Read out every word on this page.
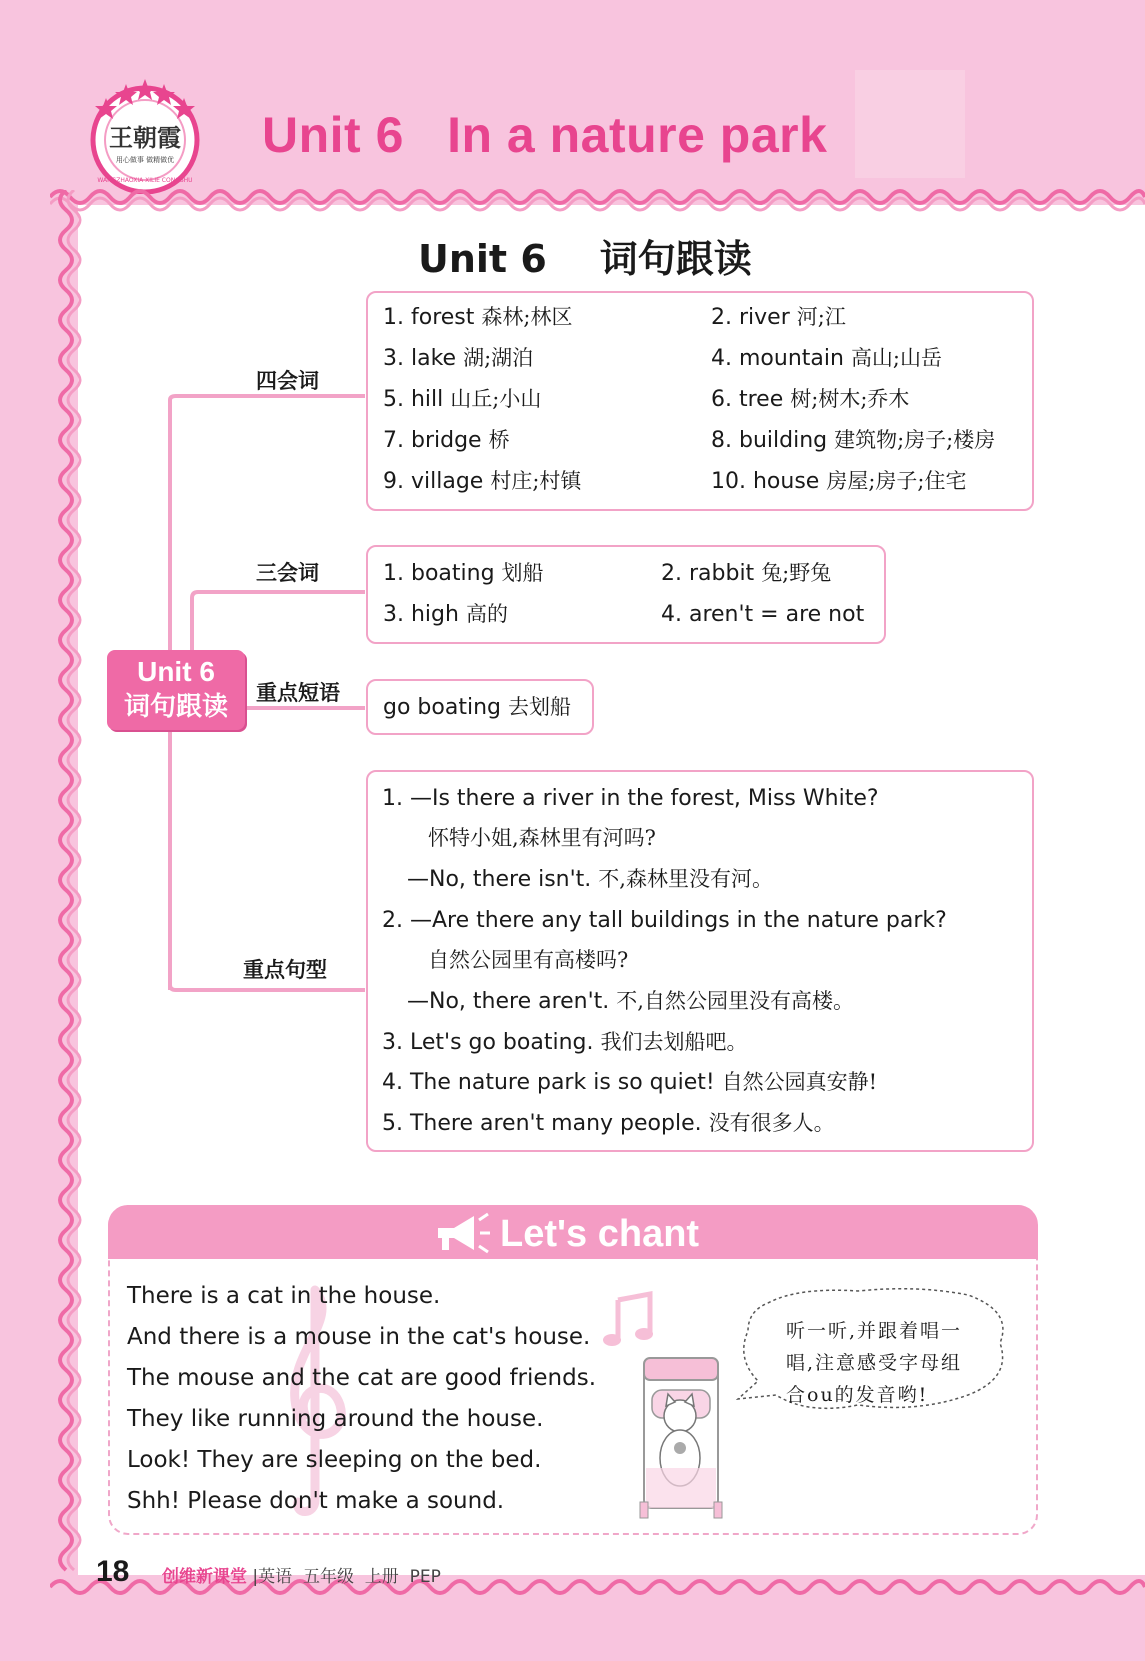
王朝霞
用心做事 做精做优
WANGZHAOXIA XILIE CONGSHU
Unit 6   In a nature park
Unit 6    词句跟读
Unit 6
词句跟读
四会词
三会词
重点短语
重点句型
1. forest 森林;林区	2. river 河;江
3. lake 湖;湖泊	4. mountain 高山;山岳
5. hill 山丘;小山	6. tree 树;树木;乔木
7. bridge 桥	8. building 建筑物;房子;楼房
9. village 村庄;村镇	10. house 房屋;房子;住宅
1. boating 划船	2. rabbit 兔;野兔
3. high 高的	4. aren't = are not
go boating 去划船
1. —Is there a river in the forest, Miss White?
怀特小姐,森林里有河吗?
—No, there isn't. 不,森林里没有河。
2. —Are there any tall buildings in the nature park?
自然公园里有高楼吗?
—No, there aren't. 不,自然公园里没有高楼。
3. Let's go boating. 我们去划船吧。
4. The nature park is so quiet! 自然公园真安静!
5. There aren't many people. 没有很多人。
Let's chant
There is a cat in the house.
And there is a mouse in the cat's house.
The mouse and the cat are good friends.
They like running around the house.
Look! They are sleeping on the bed.
Shh! Please don't make a sound.
听一听,并跟着唱一
唱,注意感受字母组
合ou的发音哟!
18 创维新课堂 |英语 五年级 上册 PEP
